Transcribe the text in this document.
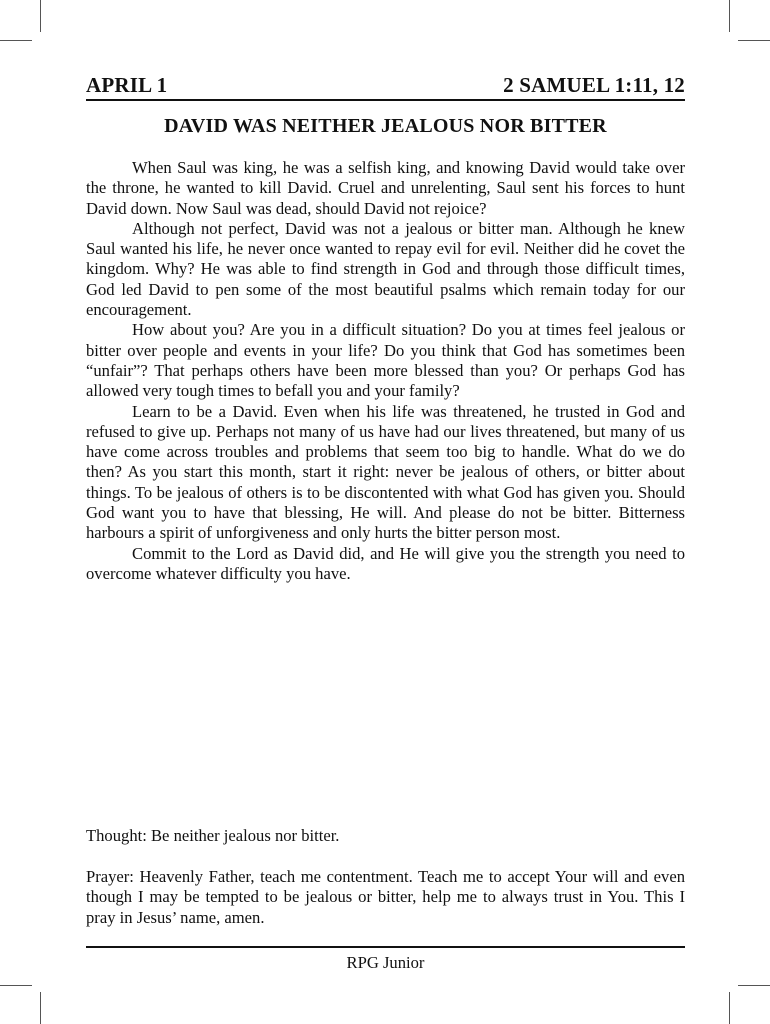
APRIL 1	2 SAMUEL 1:11, 12
DAVID WAS NEITHER JEALOUS NOR BITTER

When Saul was king, he was a selfish king, and knowing David would take over the throne, he wanted to kill David. Cruel and unrelenting, Saul sent his forces to hunt David down. Now Saul was dead, should David not rejoice?

Although not perfect, David was not a jealous or bitter man. Although he knew Saul wanted his life, he never once wanted to repay evil for evil. Neither did he covet the kingdom. Why? He was able to find strength in God and through those difficult times, God led David to pen some of the most beautiful psalms which remain today for our encouragement.

How about you? Are you in a difficult situation? Do you at times feel jealous or bitter over people and events in your life? Do you think that God has sometimes been “unfair”? That perhaps others have been more blessed than you? Or perhaps God has allowed very tough times to befall you and your family?

Learn to be a David. Even when his life was threatened, he trusted in God and refused to give up. Perhaps not many of us have had our lives threatened, but many of us have come across troubles and problems that seem too big to handle. What do we do then? As you start this month, start it right: never be jealous of others, or bitter about things. To be jealous of others is to be discontented with what God has given you. Should God want you to have that blessing, He will. And please do not be bitter. Bitterness harbours a spirit of unforgiveness and only hurts the bitter person most.

Commit to the Lord as David did, and He will give you the strength you need to overcome whatever difficulty you have.

Thought: Be neither jealous nor bitter.
Prayer: Heavenly Father, teach me contentment. Teach me to accept Your will and even though I may be tempted to be jealous or bitter, help me to always trust in You. This I pray in Jesus’ name, amen.
RPG Junior
